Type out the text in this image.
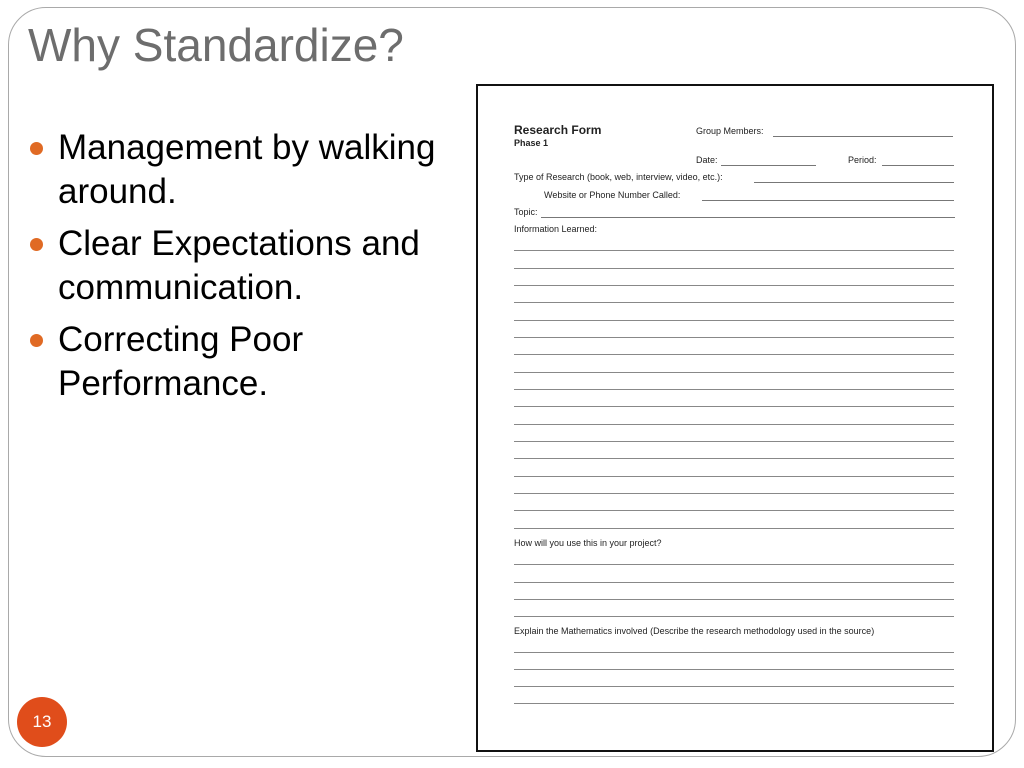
Why Standardize?
Management by walking around.
Clear Expectations and communication.
Correcting Poor Performance.
13
Research Form
Phase 1
Group Members:
Date:	Period:
Type of Research (book, web, interview, video, etc.):
Website or Phone Number Called:
Topic:
Information Learned:
How will you use this in your project?
Explain the Mathematics involved (Describe the research methodology used in the source)
